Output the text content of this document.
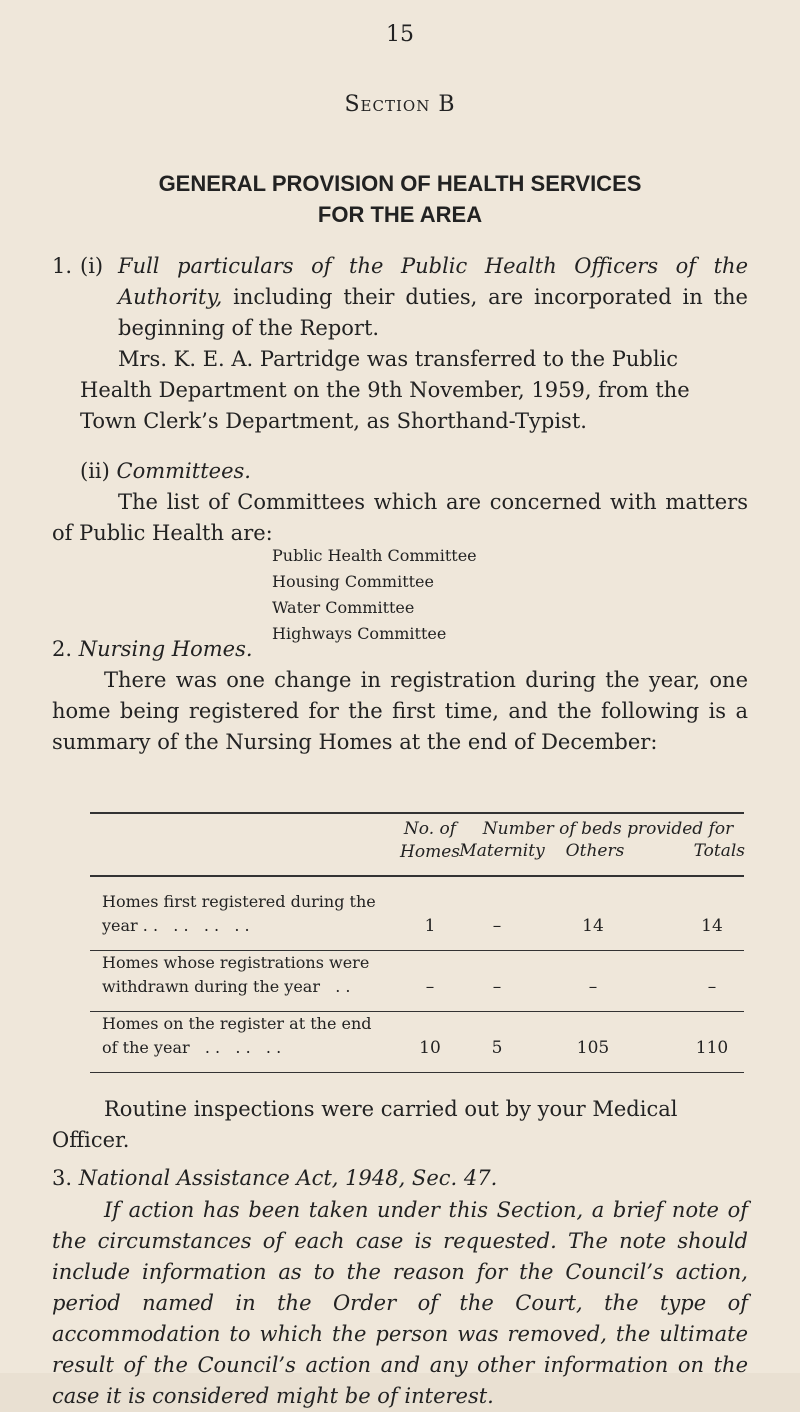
15
Section B
GENERAL PROVISION OF HEALTH SERVICES
FOR THE AREA
1. (i) Full particulars of the Public Health Officers of the Authority, including their duties, are incorporated in the beginning of the Report.
Mrs. K. E. A. Partridge was transferred to the Public Health Department on the 9th November, 1959, from the Town Clerk’s Department, as Shorthand-Typist.
(ii) Committees.
The list of Committees which are concerned with matters of Public Health are:
Public Health Committee
Housing Committee
Water Committee
Highways Committee
2. Nursing Homes.
There was one change in registration during the year, one home being registered for the first time, and the following is a summary of the Nursing Homes at the end of December:
No. of
Homes
Number of beds provided for
Maternity	Others	Totals
Homes first registered during the
year . .   . .   . .   . .	1	–	14	14
Homes whose registrations were
withdrawn during the year   . .	–	–	–	–
Homes on the register at the end
of the year   . .   . .   . .	10	5	105	110
Routine inspections were carried out by your Medical Officer.
3. National Assistance Act, 1948, Sec. 47.
If action has been taken under this Section, a brief note of the circumstances of each case is requested. The note should include information as to the reason for the Council’s action, period named in the Order of the Court, the type of accommodation to which the person was removed, the ultimate result of the Council’s action and any other information on the case it is considered might be of interest.
